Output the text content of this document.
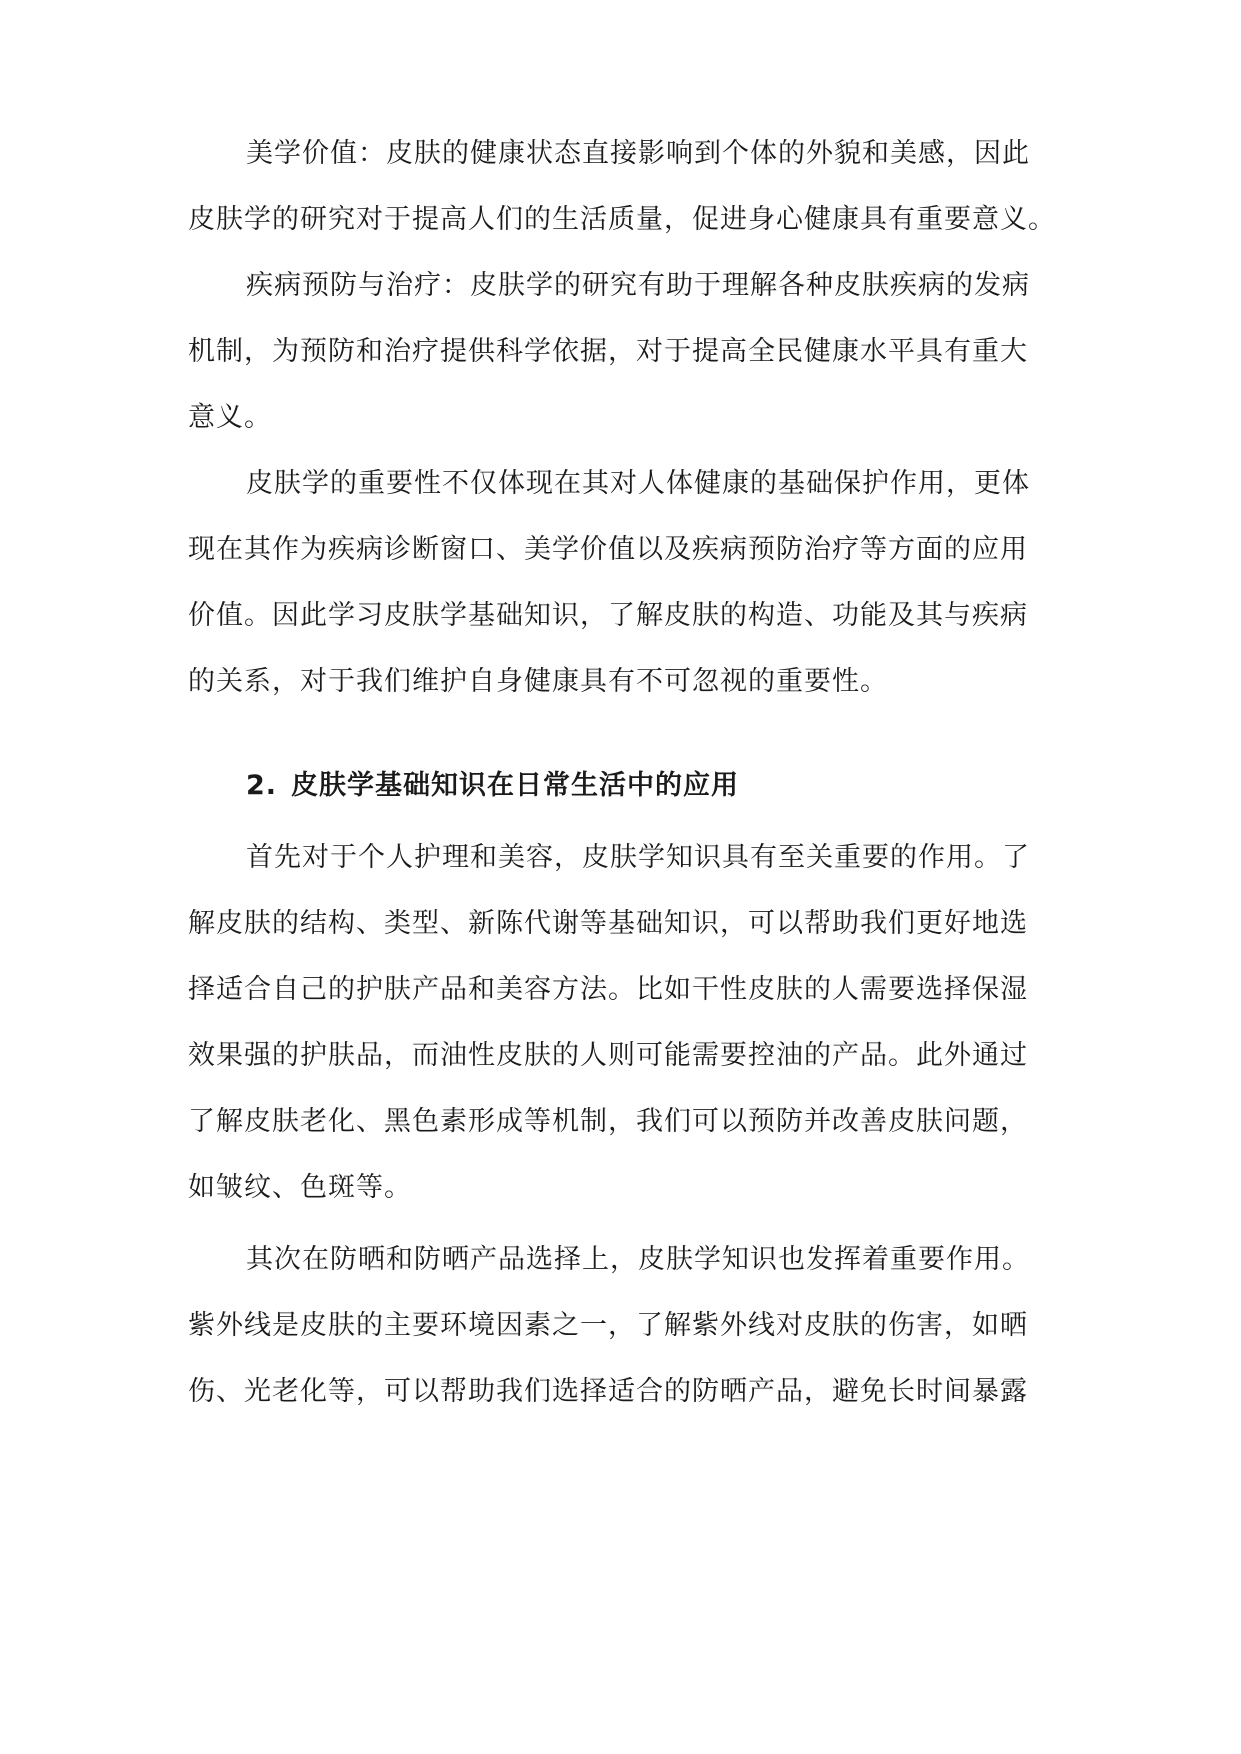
美学价值：皮肤的健康状态直接影响到个体的外貌和美感，因此
皮肤学的研究对于提高人们的生活质量，促进身心健康具有重要意义。
疾病预防与治疗：皮肤学的研究有助于理解各种皮肤疾病的发病
机制，为预防和治疗提供科学依据，对于提高全民健康水平具有重大
意义。
皮肤学的重要性不仅体现在其对人体健康的基础保护作用，更体
现在其作为疾病诊断窗口、美学价值以及疾病预防治疗等方面的应用
价值。因此学习皮肤学基础知识，了解皮肤的构造、功能及其与疾病
的关系，对于我们维护自身健康具有不可忽视的重要性。
2. 皮肤学基础知识在日常生活中的应用
首先对于个人护理和美容，皮肤学知识具有至关重要的作用。了
解皮肤的结构、类型、新陈代谢等基础知识，可以帮助我们更好地选
择适合自己的护肤产品和美容方法。比如干性皮肤的人需要选择保湿
效果强的护肤品，而油性皮肤的人则可能需要控油的产品。此外通过
了解皮肤老化、黑色素形成等机制，我们可以预防并改善皮肤问题，
如皱纹、色斑等。
其次在防晒和防晒产品选择上，皮肤学知识也发挥着重要作用。
紫外线是皮肤的主要环境因素之一，了解紫外线对皮肤的伤害，如晒
伤、光老化等，可以帮助我们选择适合的防晒产品，避免长时间暴露
